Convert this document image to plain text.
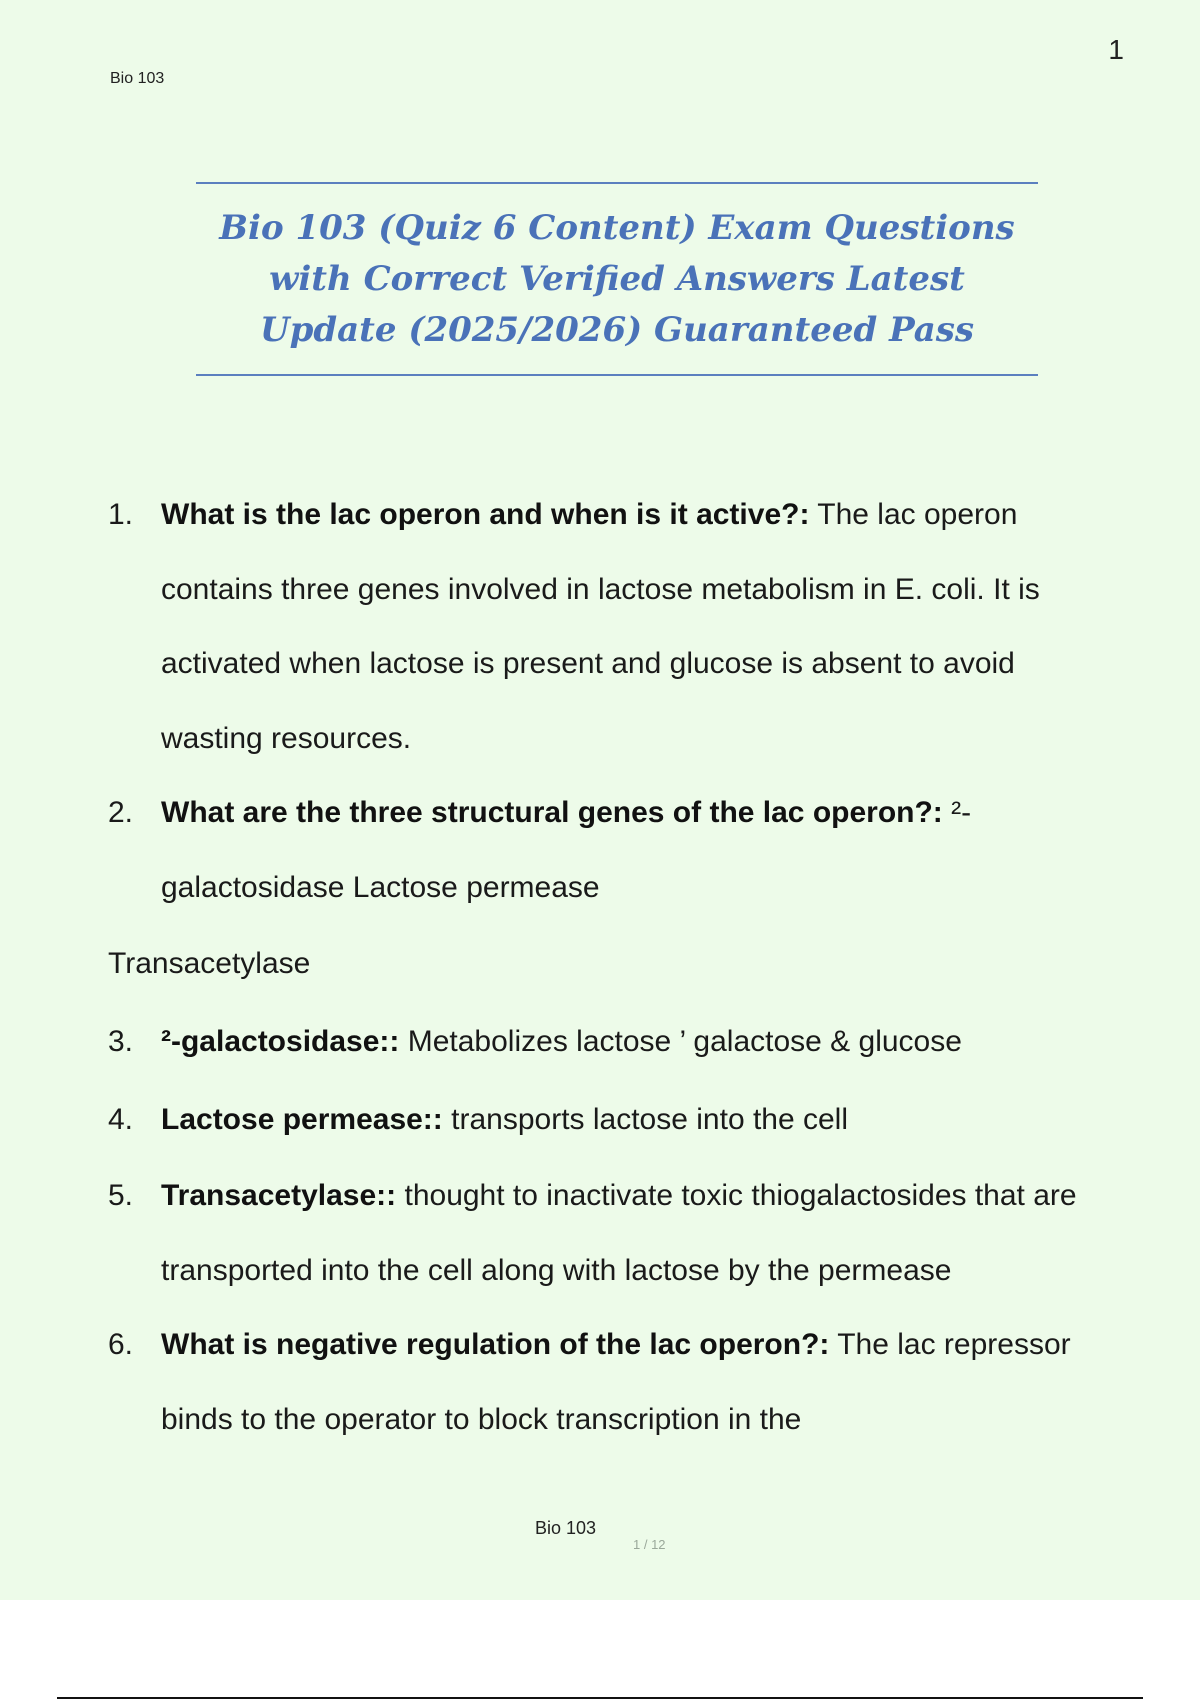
Bio 103
1
Bio 103 (Quiz 6 Content) Exam Questions with Correct Verified Answers Latest Update (2025/2026) Guaranteed Pass
1. What is the lac operon and when is it active?: The lac operon contains three genes involved in lactose metabolism in E. coli. It is activated when lactose is present and glucose is absent to avoid wasting resources.
2. What are the three structural genes of the lac operon?: ²-galactosidase Lactose permease
Transacetylase
3. ²-galactosidase:: Metabolizes lactose ’ galactose & glucose
4. Lactose permease:: transports lactose into the cell
5. Transacetylase:: thought to inactivate toxic thiogalactosides that are transported into the cell along with lactose by the permease
6. What is negative regulation of the lac operon?: The lac repressor binds to the operator to block transcription in the
Bio 103
1 / 12
